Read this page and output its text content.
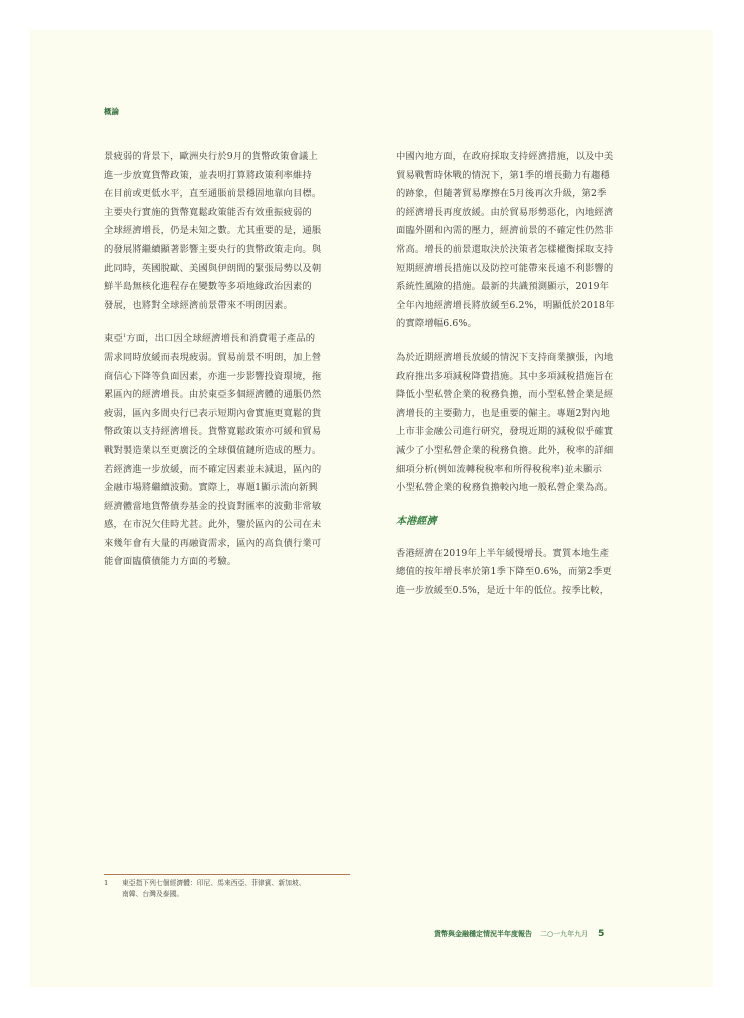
概論

景疲弱的背景下，歐洲央行於9月的貨幣政策會議上
進一步放寬貨幣政策，並表明打算將政策利率維持
在目前或更低水平，直至通脹前景穩固地靠向目標。
主要央行實施的貨幣寬鬆政策能否有效重振疲弱的
全球經濟增長，仍是未知之數。尤其重要的是，通脹
的發展將繼續顯著影響主要央行的貨幣政策走向。與
此同時，英國脫歐、美國與伊朗間的緊張局勢以及朝
鮮半島無核化進程存在變數等多項地緣政治因素的
發展，也將對全球經濟前景帶來不明朗因素。

東亞$^1$方面，出口因全球經濟增長和消費電子產品的
需求同時放緩而表現疲弱。貿易前景不明朗，加上營
商信心下降等負面因素，亦進一步影響投資環境，拖
累區內的經濟增長。由於東亞多個經濟體的通脹仍然
疲弱，區內多間央行已表示短期內會實施更寬鬆的貨
幣政策以支持經濟增長。貨幣寬鬆政策亦可緩和貿易
戰對製造業以至更廣泛的全球價值鏈所造成的壓力。
若經濟進一步放緩，而不確定因素並未減退，區內的
金融市場將繼續波動。實際上，專題1顯示流向新興
經濟體當地貨幣債券基金的投資對匯率的波動非常敏
感，在市況欠佳時尤甚。此外，鑒於區內的公司在未
來幾年會有大量的再融資需求，區內的高負債行業可
能會面臨償債能力方面的考驗。

中國內地方面，在政府採取支持經濟措施，以及中美
貿易戰暫時休戰的情況下，第1季的增長動力有趨穩
的跡象，但隨著貿易摩擦在5月後再次升級，第2季
的經濟增長再度放緩。由於貿易形勢惡化，內地經濟
面臨外圍和內需的壓力，經濟前景的不確定性仍然非
常高。增長的前景還取決於決策者怎樣權衡採取支持
短期經濟增長措施以及防控可能帶來長遠不利影響的
系統性風險的措施。最新的共識預測顯示，2019年
全年內地經濟增長將放緩至6.2%，明顯低於2018年
的實際增幅6.6%。

為於近期經濟增長放緩的情況下支持商業擴張，內地
政府推出多項減稅降費措施。其中多項減稅措施旨在
降低小型私營企業的稅務負擔，而小型私營企業是經
濟增長的主要動力，也是重要的僱主。專題2對內地
上市非金融公司進行研究，發現近期的減稅似乎確實
減少了小型私營企業的稅務負擔。此外，稅率的詳細
細項分析(例如流轉稅稅率和所得稅稅率)並未顯示
小型私營企業的稅務負擔較內地一般私營企業為高。

本港經濟

香港經濟在2019年上半年緩慢增長。實質本地生產
總值的按年增長率於第1季下降至0.6%，而第2季更
進一步放緩至0.5%，是近十年的低位。按季比較，

1	東亞指下列七個經濟體：印尼、馬來西亞、菲律賓、新加坡、
南韓、台灣及泰國。
貨幣與金融穩定情況半年度報告 二○一九年九月 5
